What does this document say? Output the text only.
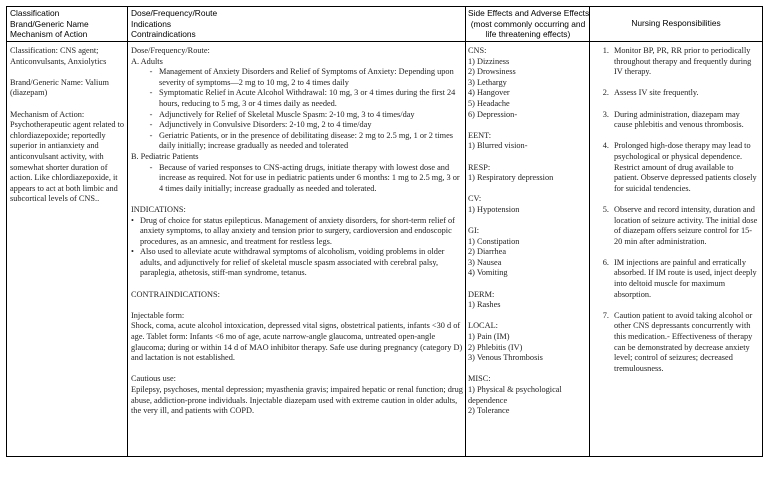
Classification
Brand/Generic Name
Mechanism of Action
Dose/Frequency/Route
Indications
Contraindications
Side Effects and Adverse Effects
(most commonly occurring and
life threatening effects)
Nursing Responsibilities

Classification: CNS agent; Anticonvulsants, Anxiolytics

Brand/Generic Name: Valium (diazepam)

Mechanism of Action: Psychotherapeutic agent related to chlordiazepoxide; reportedly superior in antianxiety and anticonvulsant activity, with somewhat shorter duration of action. Like chlordiazepoxide, it appears to act at both limbic and subcortical levels of CNS..

Dose/Frequency/Route:

A. Adults

- Management of Anxiety Disorders and Relief of Symptoms of Anxiety: Depending upon severity of symptoms—2 mg to 10 mg, 2 to 4 times daily
- Symptomatic Relief in Acute Alcohol Withdrawal: 10 mg, 3 or 4 times during the first 24 hours, reducing to 5 mg, 3 or 4 times daily as needed.
- Adjunctively for Relief of Skeletal Muscle Spasm: 2-10 mg, 3 to 4 times/day
- Adjunctively in Convulsive Disorders: 2-10 mg, 2 to 4 time/day
- Geriatric Patients, or in the presence of debilitating disease: 2 mg to 2.5 mg, 1 or 2 times daily initially; increase gradually as needed and tolerated

B. Pediatric Patients

- Because of varied responses to CNS-acting drugs, initiate therapy with lowest dose and increase as required. Not for use in pediatric patients under 6 months: 1 mg to 2.5 mg, 3 or 4 times daily initially; increase gradually as needed and tolerated.

INDICATIONS:

• Drug of choice for status epilepticus. Management of anxiety disorders, for short-term relief of anxiety symptoms, to allay anxiety and tension prior to surgery, cardioversion and endoscopic procedures, as an amnesic, and treatment for restless legs.
• Also used to alleviate acute withdrawal symptoms of alcoholism, voiding problems in older adults, and adjunctively for relief of skeletal muscle spasm associated with cerebral palsy, paraplegia, athetosis, stiff-man syndrome, tetanus.

CONTRAINDICATIONS:

Injectable form:

Shock, coma, acute alcohol intoxication, depressed vital signs, obstetrical patients, infants <30 d of age. Tablet form: Infants <6 mo of age, acute narrow-angle glaucoma, untreated open-angle glaucoma; during or within 14 d of MAO inhibitor therapy. Safe use during pregnancy (category D) and lactation is not established.

Cautious use:

Epilepsy, psychoses, mental depression; myasthenia gravis; impaired hepatic or renal function; drug abuse, addiction-prone individuals. Injectable diazepam used with extreme caution in older adults, the very ill, and patients with COPD.

CNS:

1) Dizziness

2) Drowsiness

3) Lethargy

4) Hangover

5) Headache

6) Depression-

EENT:

1) Blurred vision-

RESP:

1) Respiratory depression

CV:

1) Hypotension

GI:

1) Constipation

2) Diarrhea

3) Nausea

4) Vomiting

DERM:

1) Rashes

LOCAL:

1) Pain (IM)

2) Phlebitis (IV)

3) Venous Thrombosis

MISC:

1) Physical & psychological dependence

2) Tolerance

1. Monitor BP, PR, RR prior to periodically throughout therapy and frequently during IV therapy.
2. Assess IV site frequently.
3. During administration, diazepam may cause phlebitis and venous thrombosis.
4. Prolonged high-dose therapy may lead to psychological or physical dependence. Restrict amount of drug available to patient. Observe depressed patients closely for suicidal tendencies.
5. Observe and record intensity, duration and location of seizure activity. The initial dose of diazepam offers seizure control for 15-20 min after administration.
6. IM injections are painful and erratically absorbed. If IM route is used, inject deeply into deltoid muscle for maximum absorption.
7. Caution patient to avoid taking alcohol or other CNS depressants concurrently with this medication.- Effectiveness of therapy can be demonstrated by decrease anxiety level; control of seizures; decreased tremulousness.
